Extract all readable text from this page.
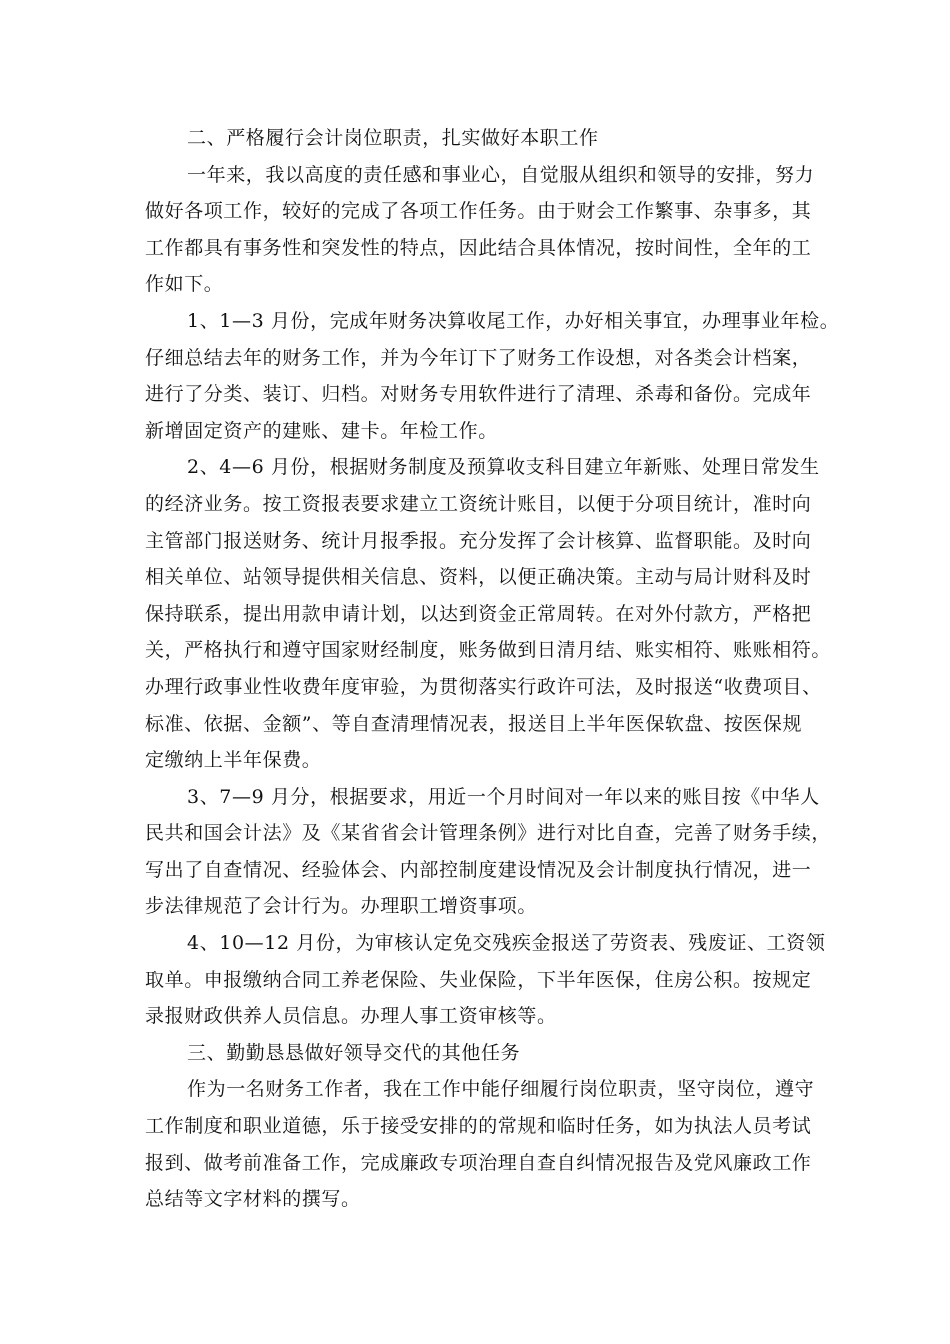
二、严格履行会计岗位职责，扎实做好本职工作
一年来，我以高度的责任感和事业心，自觉服从组织和领导的安排，努力
做好各项工作，较好的完成了各项工作任务。由于财会工作繁事、杂事多，其
工作都具有事务性和突发性的特点，因此结合具体情况，按时间性，全年的工
作如下。
1、1—3 月份，完成年财务决算收尾工作，办好相关事宜，办理事业年检。
仔细总结去年的财务工作，并为今年订下了财务工作设想，对各类会计档案，
进行了分类、装订、归档。对财务专用软件进行了清理、杀毒和备份。完成年
新增固定资产的建账、建卡。年检工作。
2、4—6 月份，根据财务制度及预算收支科目建立年新账、处理日常发生
的经济业务。按工资报表要求建立工资统计账目，以便于分项目统计，准时向
主管部门报送财务、统计月报季报。充分发挥了会计核算、监督职能。及时向
相关单位、站领导提供相关信息、资料，以便正确决策。主动与局计财科及时
保持联系，提出用款申请计划，以达到资金正常周转。在对外付款方，严格把
关，严格执行和遵守国家财经制度，账务做到日清月结、账实相符、账账相符。
办理行政事业性收费年度审验，为贯彻落实行政许可法，及时报送“收费项目、
标准、依据、金额”、等自查清理情况表，报送目上半年医保软盘、按医保规
定缴纳上半年保费。
3、7—9 月分，根据要求，用近一个月时间对一年以来的账目按《中华人
民共和国会计法》及《某省省会计管理条例》进行对比自查，完善了财务手续，
写出了自查情况、经验体会、内部控制度建设情况及会计制度执行情况，进一
步法律规范了会计行为。办理职工增资事项。
4、10—12 月份，为审核认定免交残疾金报送了劳资表、残废证、工资领
取单。申报缴纳合同工养老保险、失业保险，下半年医保，住房公积。按规定
录报财政供养人员信息。办理人事工资审核等。
三、勤勤恳恳做好领导交代的其他任务
作为一名财务工作者，我在工作中能仔细履行岗位职责，坚守岗位，遵守
工作制度和职业道德，乐于接受安排的的常规和临时任务，如为执法人员考试
报到、做考前准备工作，完成廉政专项治理自查自纠情况报告及党风廉政工作
总结等文字材料的撰写。
